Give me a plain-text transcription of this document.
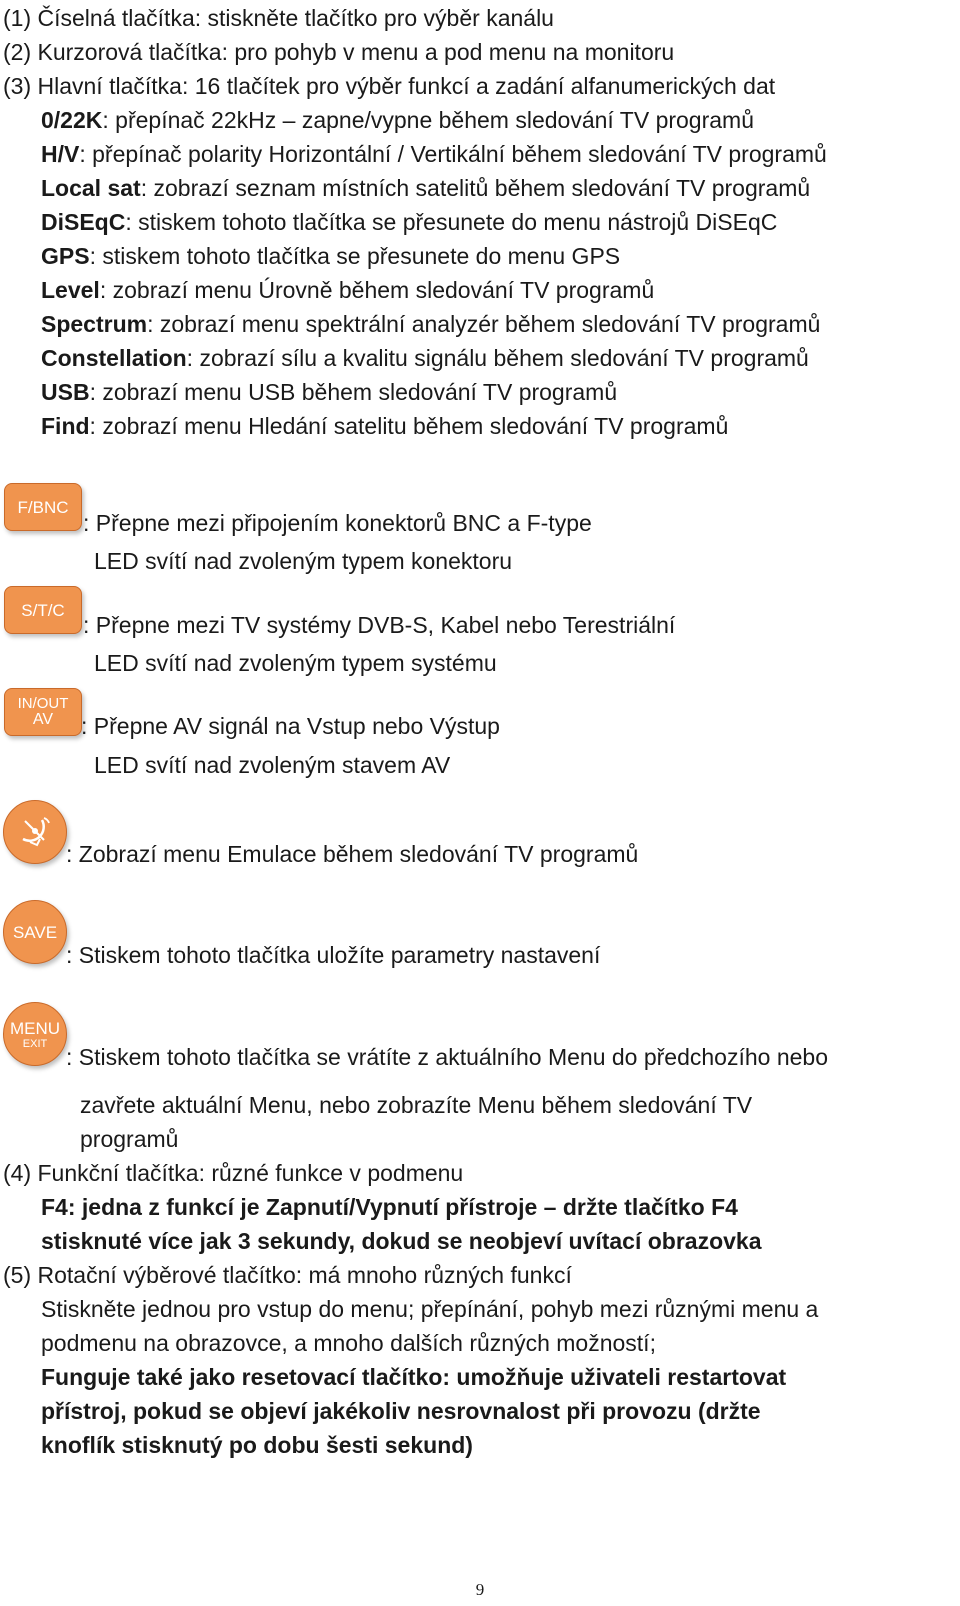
(1) Číselná tlačítka: stiskněte tlačítko pro výběr kanálu
(2) Kurzorová tlačítka: pro pohyb v menu a pod menu na monitoru
(3) Hlavní tlačítka: 16 tlačítek pro výběr funkcí a zadání alfanumerických dat
0/22K: přepínač 22kHz – zapne/vypne během sledování TV programů
H/V: přepínač polarity Horizontální / Vertikální během sledování TV programů
Local sat: zobrazí seznam místních satelitů během sledování TV programů
DiSEqC: stiskem tohoto tlačítka se přesunete do menu nástrojů DiSEqC
GPS: stiskem tohoto tlačítka se přesunete do menu GPS
Level: zobrazí menu Úrovně během sledování TV programů
Spectrum: zobrazí menu spektrální analyzér během sledování TV programů
Constellation: zobrazí sílu a kvalitu signálu během sledování TV programů
USB: zobrazí menu USB během sledování TV programů
Find: zobrazí menu Hledání satelitu během sledování TV programů
F/BNC
: Přepne mezi připojením konektorů BNC a F-type
LED svítí nad zvoleným typem konektoru
S/T/C
: Přepne mezi TV systémy DVB-S, Kabel nebo Terestriální
LED svítí nad zvoleným typem systému
IN/OUT
AV : Přepne AV signál na Vstup nebo Výstup
LED svítí nad zvoleným stavem AV
: Zobrazí menu Emulace během sledování TV programů
SAVE
: Stiskem tohoto tlačítka uložíte parametry nastavení
MENU
EXIT
: Stiskem tohoto tlačítka se vrátíte z aktuálního Menu do předchozího nebo
zavřete aktuální Menu, nebo zobrazíte Menu během sledování TV
programů
(4) Funkční tlačítka: různé funkce v podmenu
F4: jedna z funkcí je Zapnutí/Vypnutí přístroje – držte tlačítko F4
stisknuté více jak 3 sekundy, dokud se neobjeví uvítací obrazovka
(5) Rotační výběrové tlačítko: má mnoho různých funkcí
Stiskněte jednou pro vstup do menu; přepínání, pohyb mezi různými menu a
podmenu na obrazovce, a mnoho dalších různých možností;
Funguje také jako resetovací tlačítko: umožňuje uživateli restartovat
přístroj, pokud se objeví jakékoliv nesrovnalost při provozu (držte
knoflík stisknutý po dobu šesti sekund)
9
